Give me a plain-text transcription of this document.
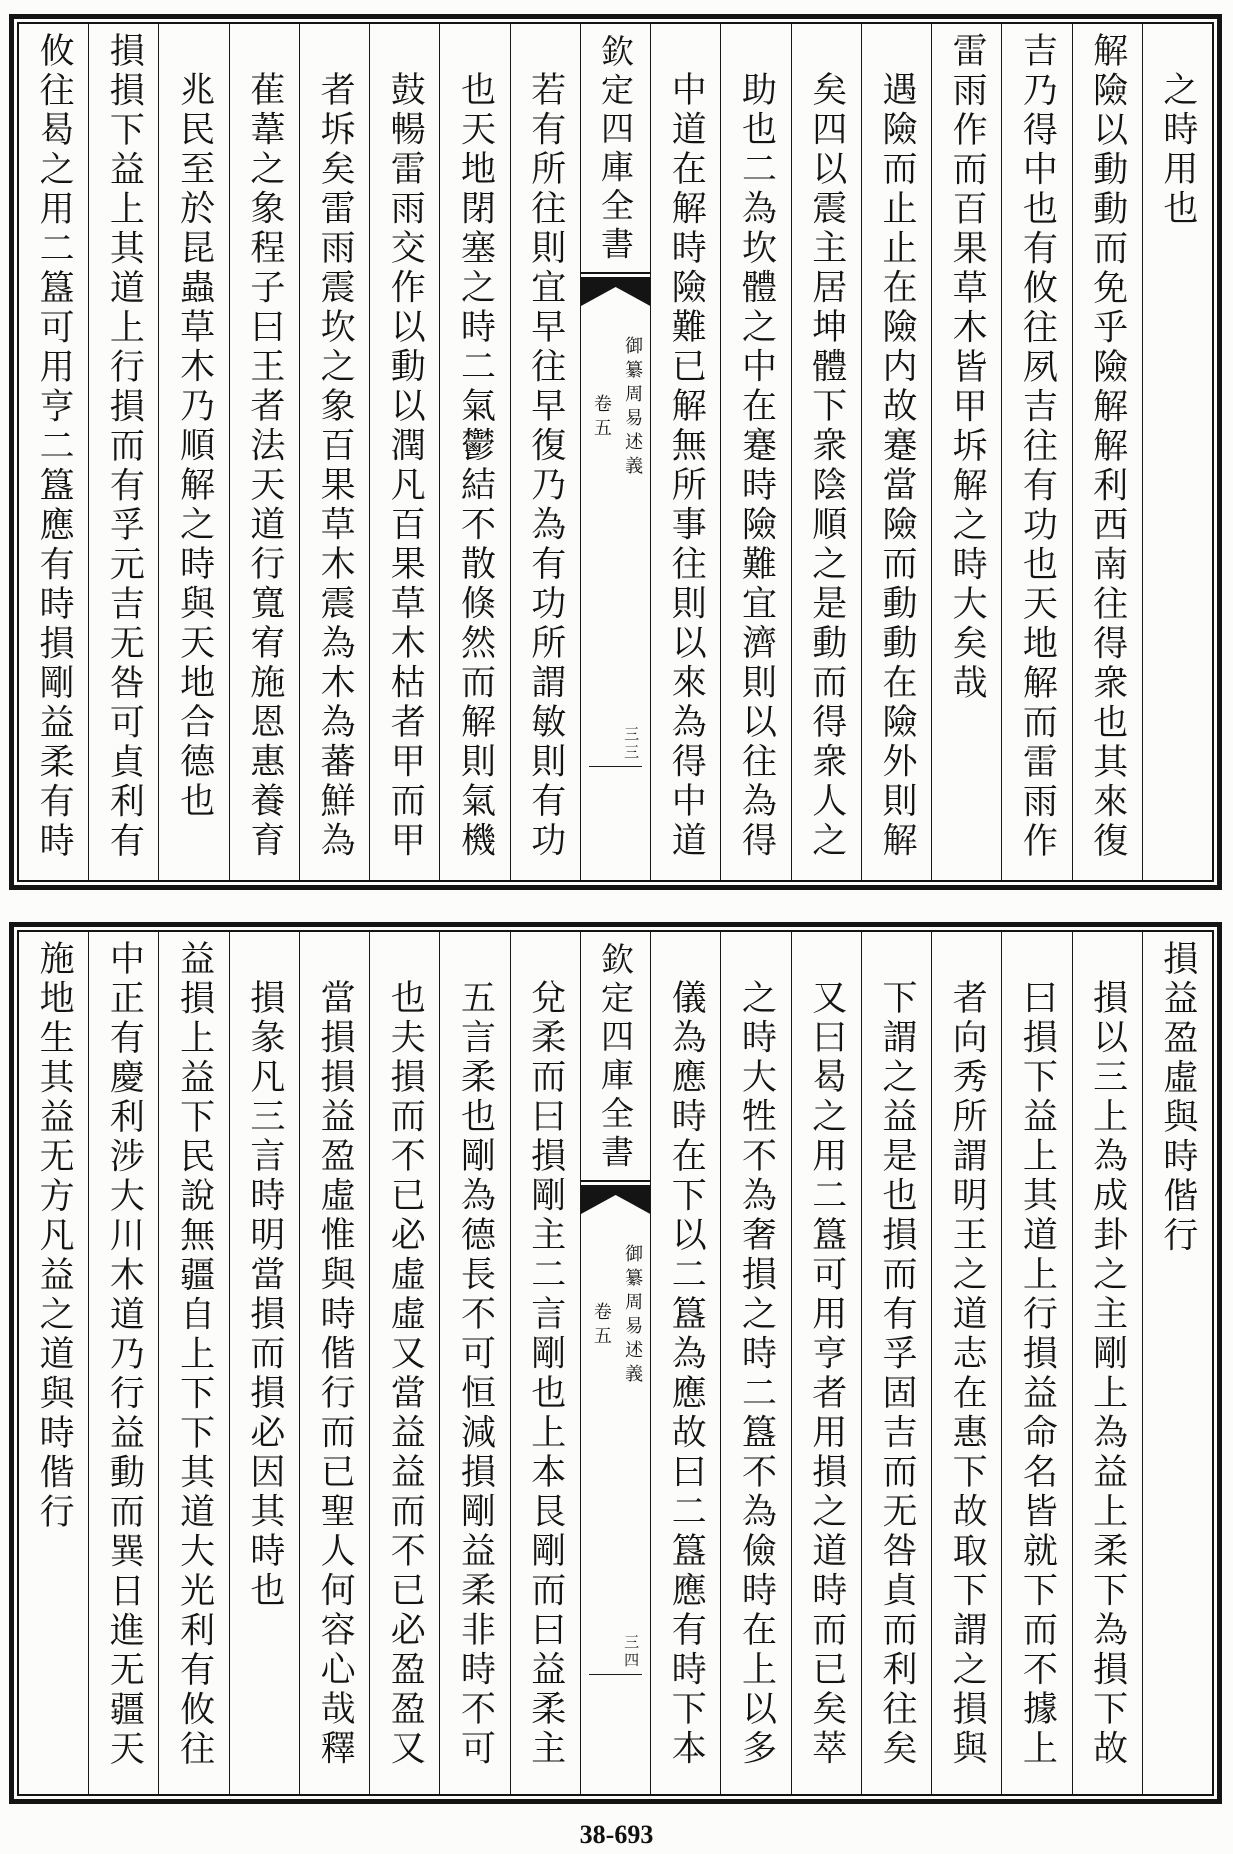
之時用也
解險以動動而免乎險解解利西南往得衆也其來復
吉乃得中也有攸往夙吉往有功也天地解而雷雨作
雷雨作而百果草木皆甲坼解之時大矣哉
遇險而止止在險内故蹇當險而動動在險外則解
矣四以震主居坤體下衆陰順之是動而得衆人之
助也二為坎體之中在蹇時險難宜濟則以往為得
中道在解時險難已解無所事往則以來為得中道
欽定四庫全書
御纂周易述義
卷五
三三
若有所往則宜早往早復乃為有功所謂敏則有功
也天地閉塞之時二氣鬱結不散倏然而解則氣機
鼓暢雷雨交作以動以潤凡百果草木枯者甲而甲
者坼矣雷雨震坎之象百果草木震為木為蕃鮮為
萑葦之象程子曰王者法天道行寬宥施恩惠養育
兆民至於昆蟲草木乃順解之時與天地合德也
損損下益上其道上行損而有孚元吉无咎可貞利有
攸往曷之用二簋可用亨二簋應有時損剛益柔有時
損益盈虛與時偕行
損以三上為成卦之主剛上為益上柔下為損下故
曰損下益上其道上行損益命名皆就下而不據上
者向秀所謂明王之道志在惠下故取下謂之損與
下謂之益是也損而有孚固吉而无咎貞而利往矣
又曰曷之用二簋可用亨者用損之道時而已矣萃
之時大牲不為奢損之時二簋不為儉時在上以多
儀為應時在下以二簋為應故曰二簋應有時下本
欽定四庫全書
御纂周易述義
卷五
三四
兌柔而曰損剛主二言剛也上本艮剛而曰益柔主
五言柔也剛為德長不可恒減損剛益柔非時不可
也夫損而不已必虛虛又當益益而不已必盈盈又
當損損益盈虛惟與時偕行而已聖人何容心哉釋
損彖凡三言時明當損而損必因其時也
益損上益下民說無疆自上下下其道大光利有攸往
中正有慶利涉大川木道乃行益動而巽日進无疆天
施地生其益无方凡益之道與時偕行
38-693
